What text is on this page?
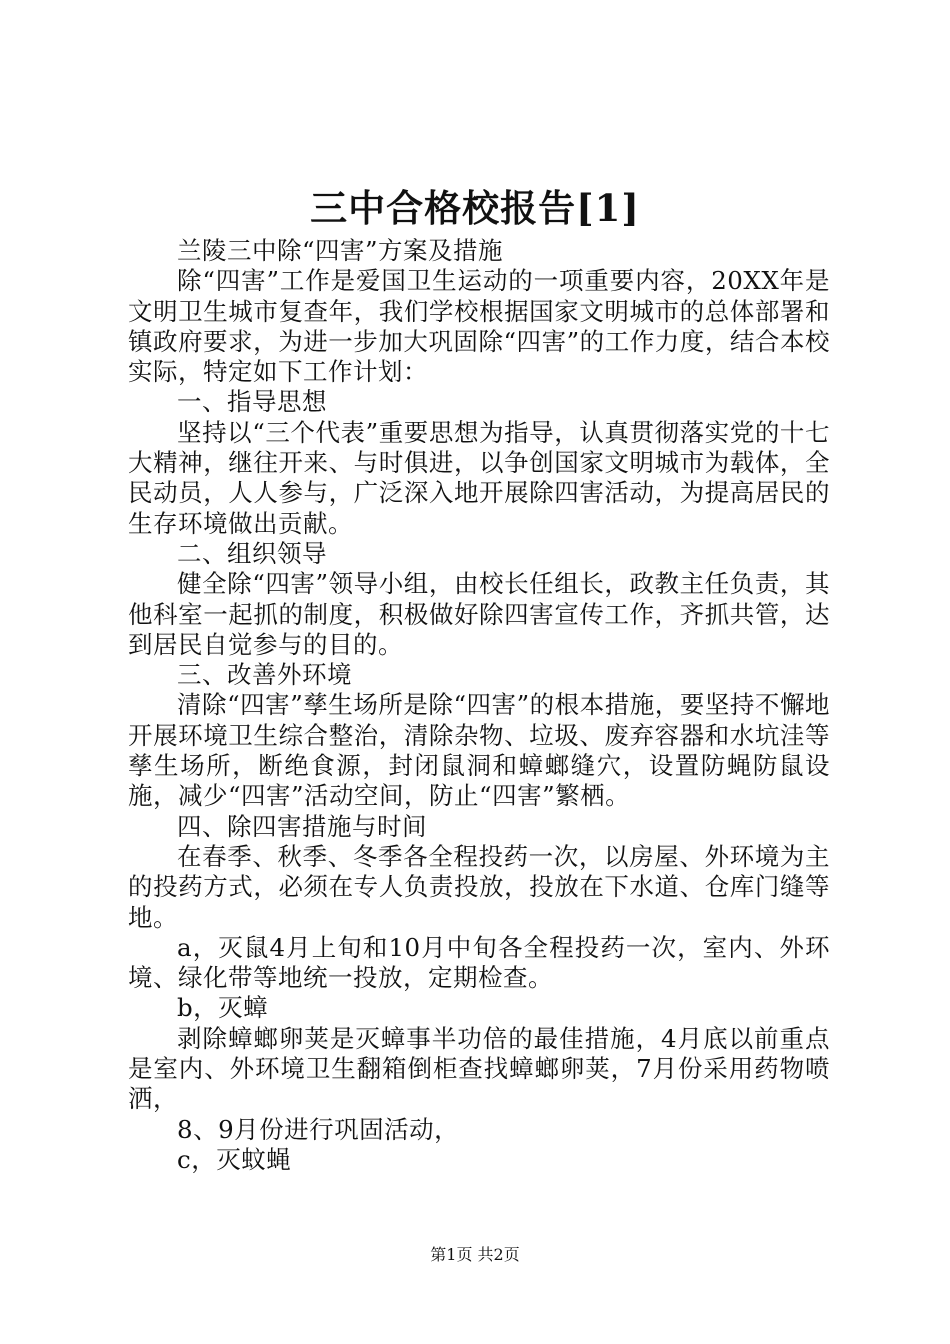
三中合格校报告[1]

兰陵三中除“四害”方案及措施

除“四害”工作是爱国卫生运动的一项重要内容，20XX年是文明卫生城市复查年，我们学校根据国家文明城市的总体部署和镇政府要求，为进一步加大巩固除“四害”的工作力度，结合本校实际，特定如下工作计划：

一、指导思想

坚持以“三个代表”重要思想为指导，认真贯彻落实党的十七大精神，继往开来、与时俱进，以争创国家文明城市为载体，全民动员，人人参与，广泛深入地开展除四害活动，为提高居民的生存环境做出贡献。

二、组织领导

健全除“四害”领导小组，由校长任组长，政教主任负责，其他科室一起抓的制度，积极做好除四害宣传工作，齐抓共管，达到居民自觉参与的目的。

三、改善外环境

清除“四害”孳生场所是除“四害”的根本措施，要坚持不懈地开展环境卫生综合整治，清除杂物、垃圾、废弃容器和水坑洼等孳生场所，断绝食源，封闭鼠洞和蟑螂缝穴，设置防蝇防鼠设施，减少“四害”活动空间，防止“四害”繁栖。

四、除四害措施与时间

在春季、秋季、冬季各全程投药一次，以房屋、外环境为主的投药方式，必须在专人负责投放，投放在下水道、仓库门缝等地。

a，灭鼠4月上旬和10月中旬各全程投药一次，室内、外环境、绿化带等地统一投放，定期检查。

b，灭蟑

剥除蟑螂卵荚是灭蟑事半功倍的最佳措施，4月底以前重点是室内、外环境卫生翻箱倒柜查找蟑螂卵荚，7月份采用药物喷洒，

8、9月份进行巩固活动，

c，灭蚊蝇

第1页 共2页
